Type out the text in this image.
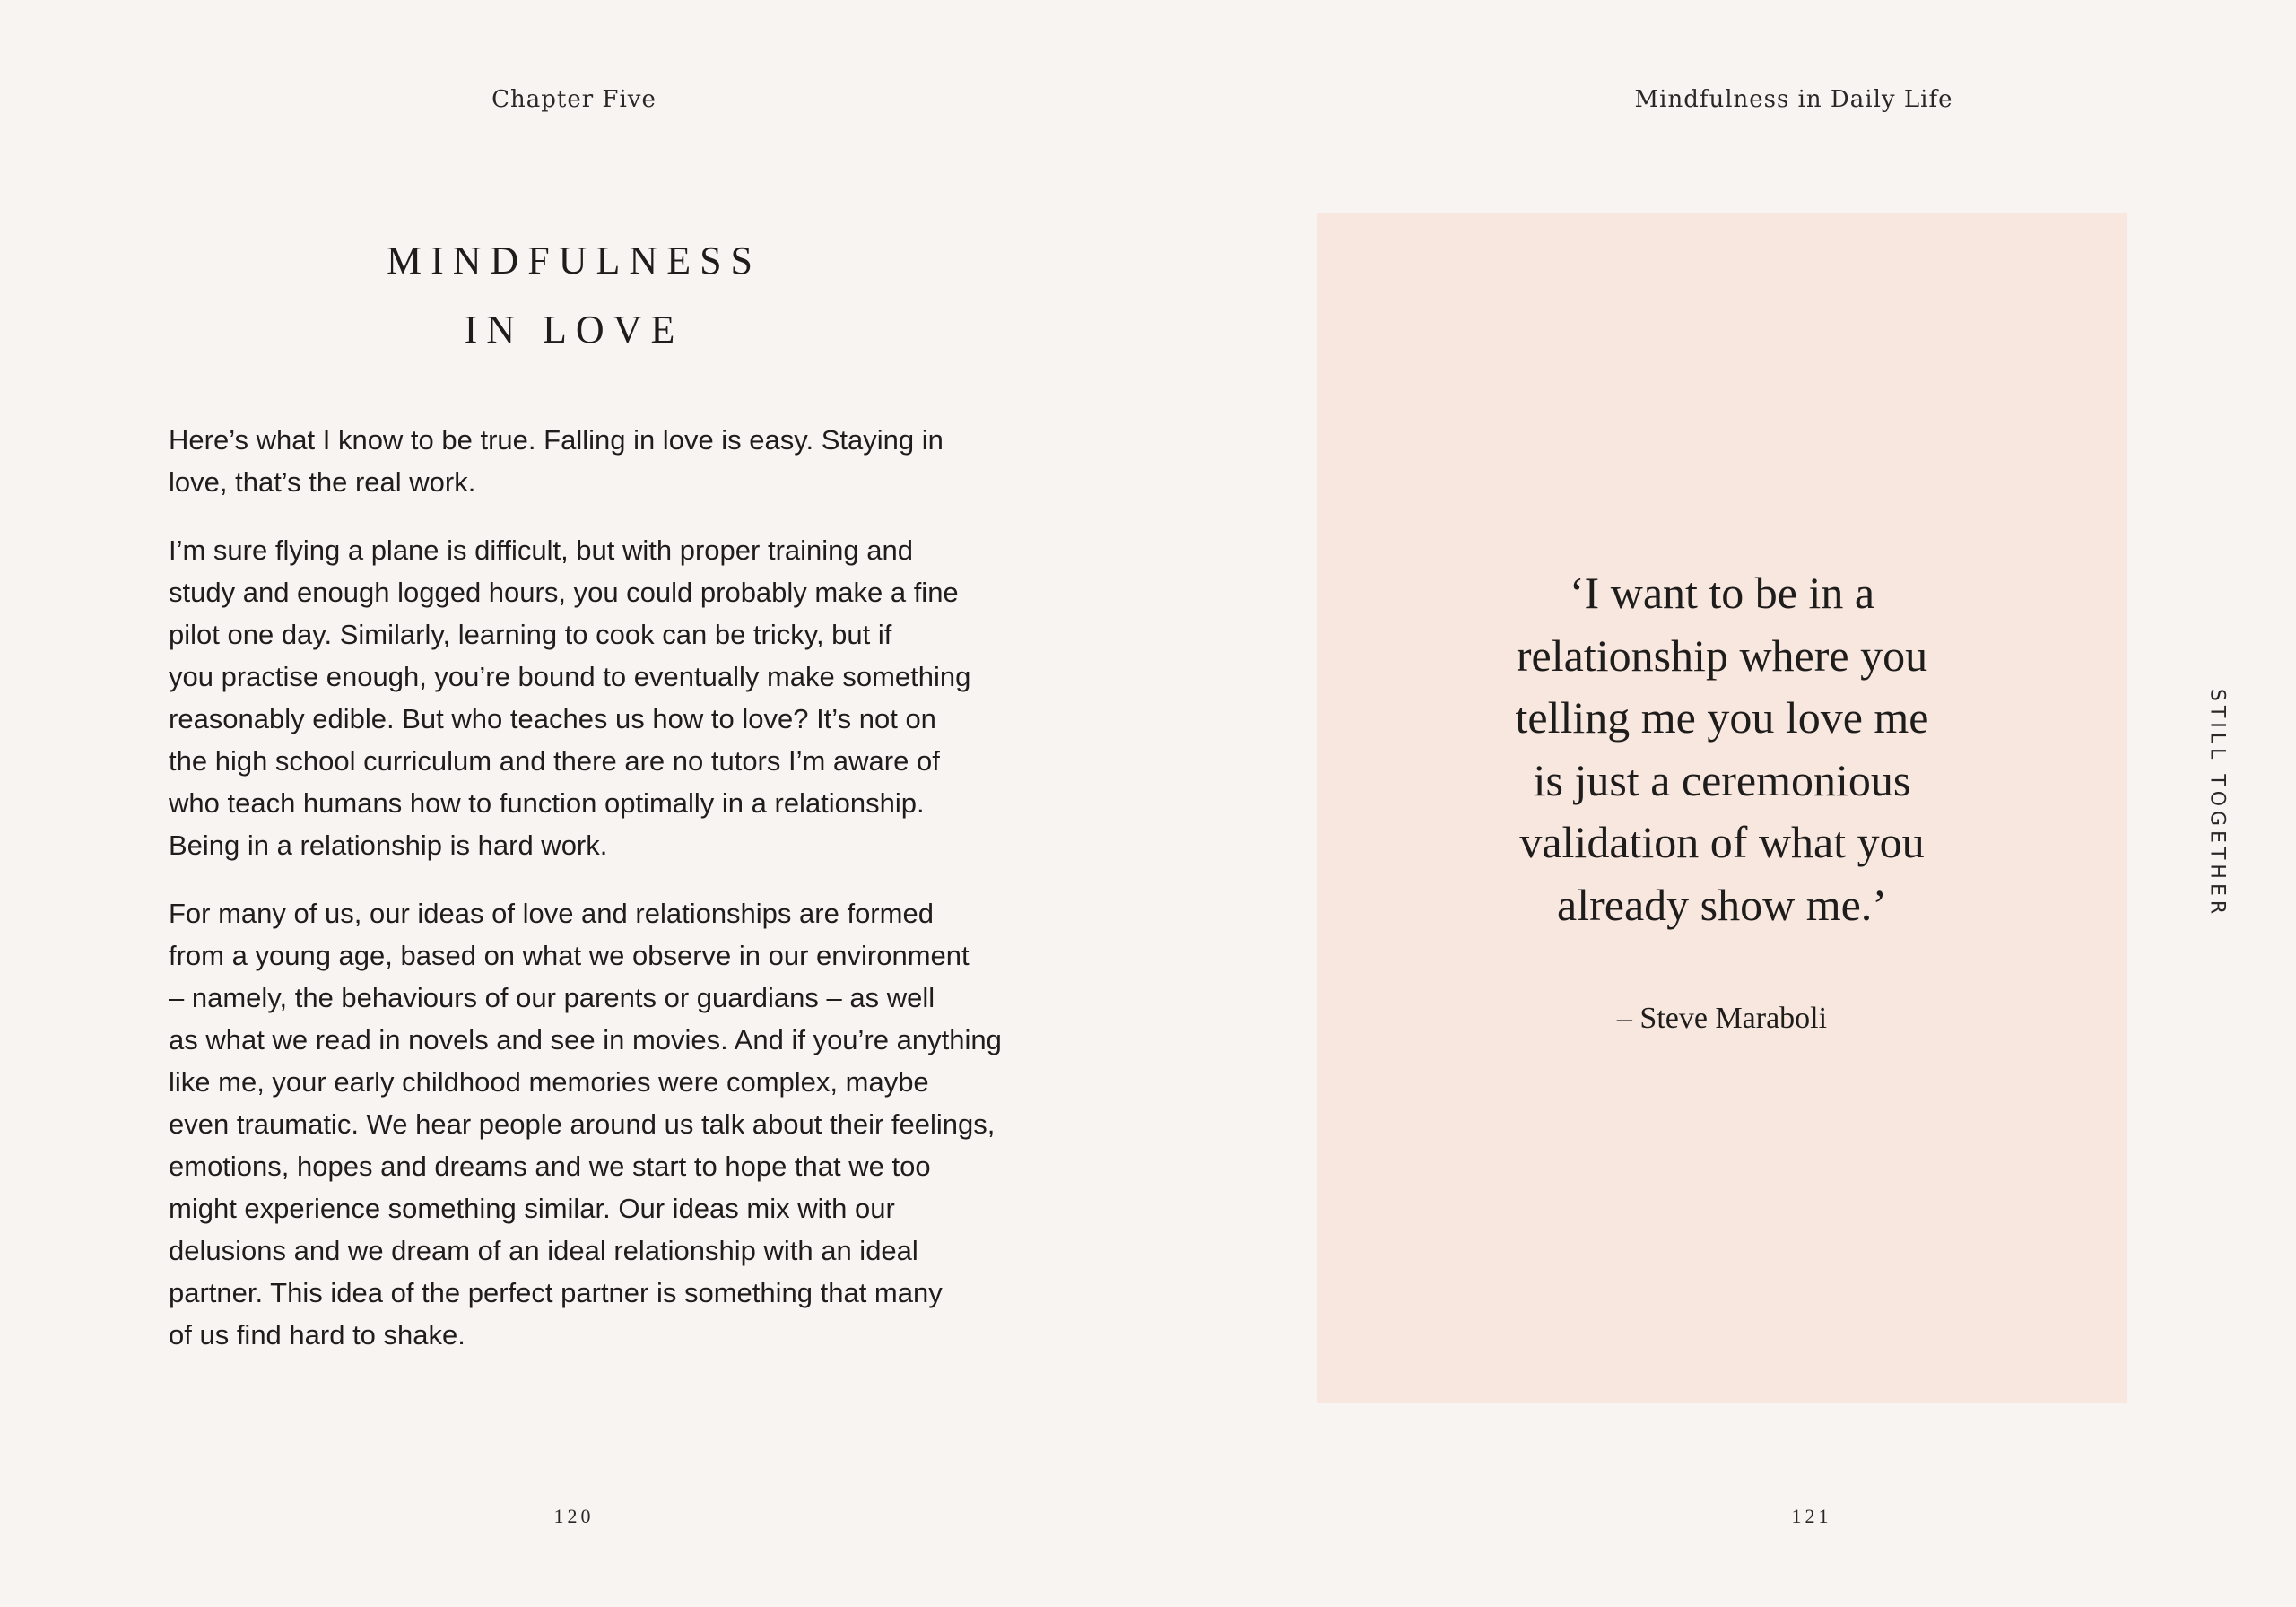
Chapter Five
MINDFULNESS
IN LOVE

Here’s what I know to be true. Falling in love is easy. Staying in
love, that’s the real work.

I’m sure flying a plane is difficult, but with proper training and
study and enough logged hours, you could probably make a fine
pilot one day. Similarly, learning to cook can be tricky, but if
you practise enough, you’re bound to eventually make something
reasonably edible. But who teaches us how to love? It’s not on
the high school curriculum and there are no tutors I’m aware of
who teach humans how to function optimally in a relationship.
Being in a relationship is hard work.

For many of us, our ideas of love and relationships are formed
from a young age, based on what we observe in our environment
– namely, the behaviours of our parents or guardians – as well
as what we read in novels and see in movies. And if you’re anything
like me, your early childhood memories were complex, maybe
even traumatic. We hear people around us talk about their feelings,
emotions, hopes and dreams and we start to hope that we too
might experience something similar. Our ideas mix with our
delusions and we dream of an ideal relationship with an ideal
partner. This idea of the perfect partner is something that many
of us find hard to shake.

120
Mindfulness in Daily Life
‘I want to be in a
relationship where you
telling me you love me
is just a ceremonious
validation of what you
already show me.’
– Steve Maraboli
STILL TOGETHER
121
